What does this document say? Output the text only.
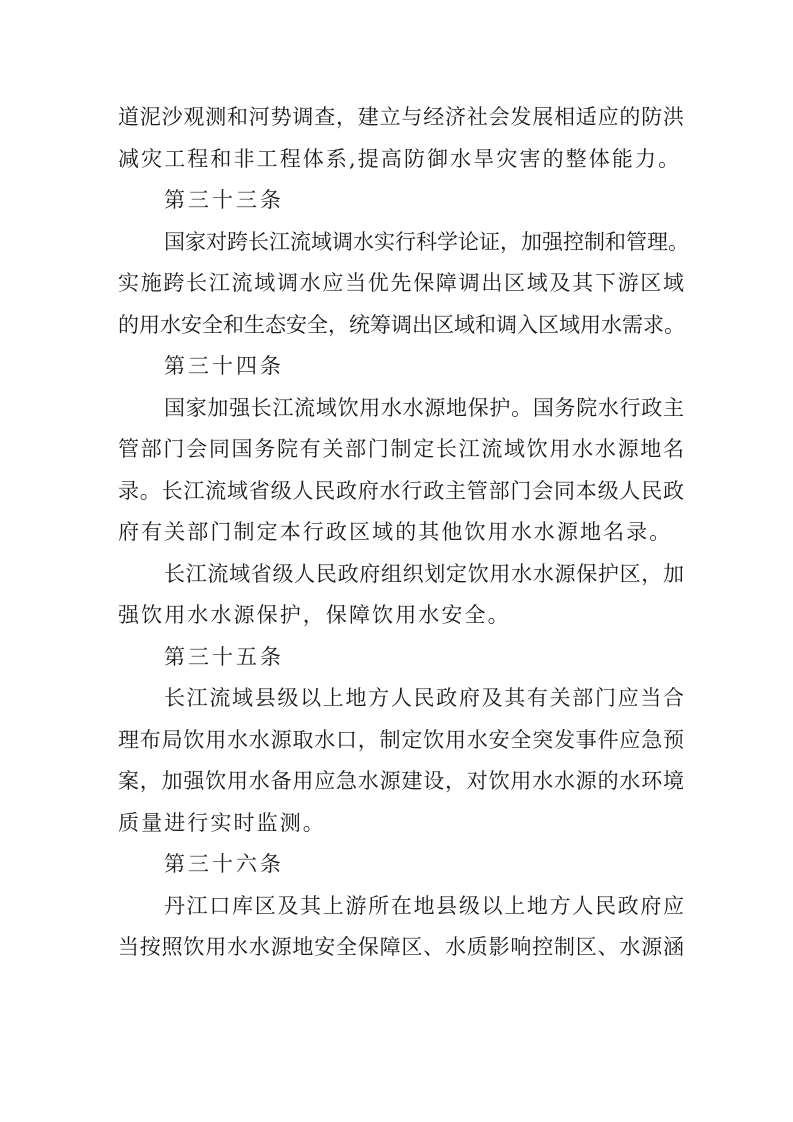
道泥沙观测和河势调查，建立与经济社会发展相适应的防洪
减灾工程和非工程体系,提高防御水旱灾害的整体能力。
第三十三条
国家对跨长江流域调水实行科学论证，加强控制和管理。
实施跨长江流域调水应当优先保障调出区域及其下游区域
的用水安全和生态安全，统筹调出区域和调入区域用水需求。
第三十四条
国家加强长江流域饮用水水源地保护。国务院水行政主
管部门会同国务院有关部门制定长江流域饮用水水源地名
录。长江流域省级人民政府水行政主管部门会同本级人民政
府有关部门制定本行政区域的其他饮用水水源地名录。
长江流域省级人民政府组织划定饮用水水源保护区，加
强饮用水水源保护，保障饮用水安全。
第三十五条
长江流域县级以上地方人民政府及其有关部门应当合
理布局饮用水水源取水口，制定饮用水安全突发事件应急预
案，加强饮用水备用应急水源建设，对饮用水水源的水环境
质量进行实时监测。
第三十六条
丹江口库区及其上游所在地县级以上地方人民政府应
当按照饮用水水源地安全保障区、水质影响控制区、水源涵
